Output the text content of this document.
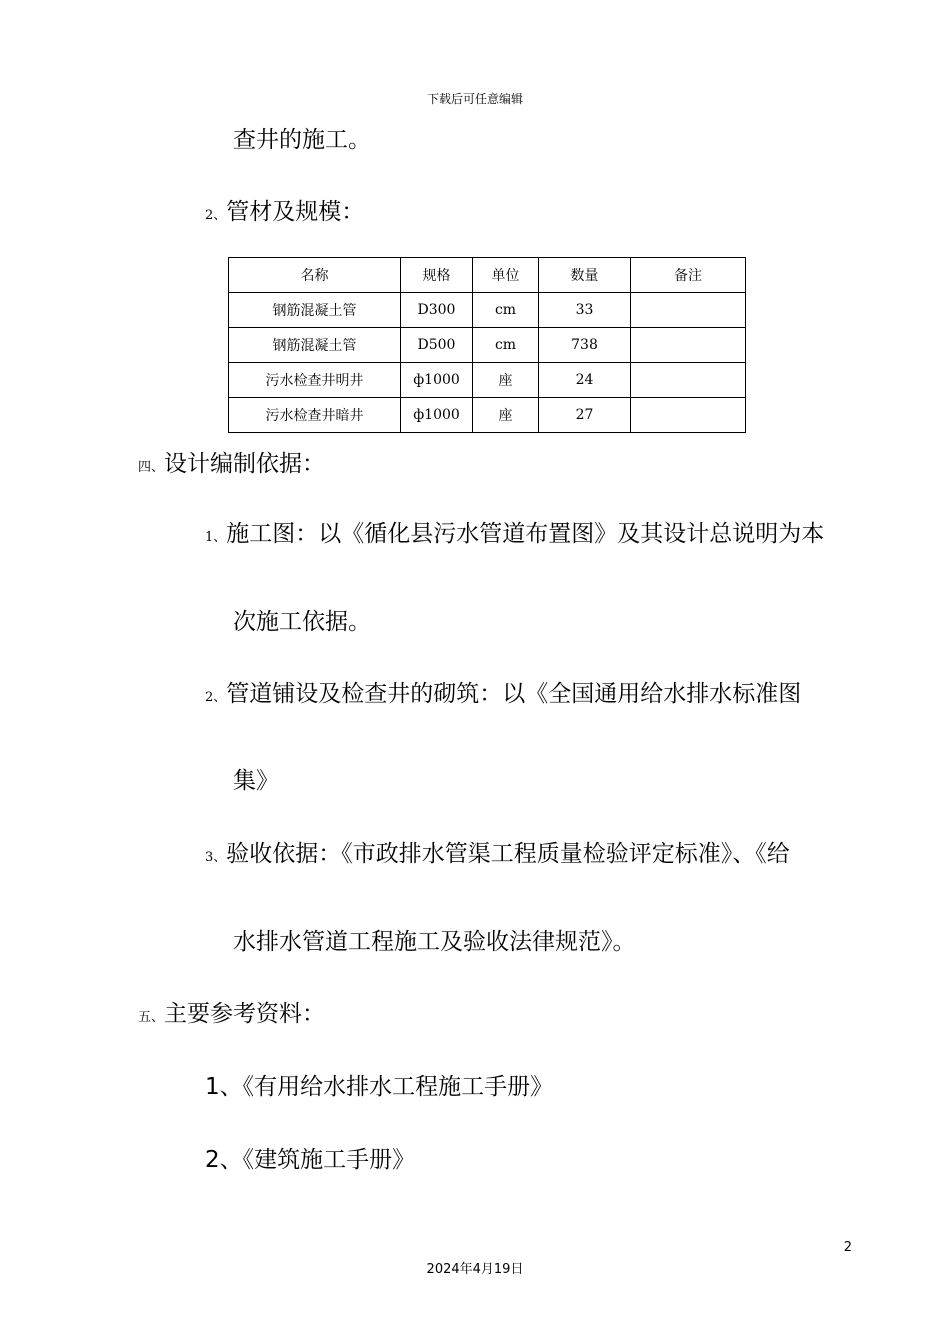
下载后可任意编辑
查井的施工。
2、管材及规模：
名称	规格	单位	数量	备注
钢筋混凝土管	D300	cm	33	
钢筋混凝土管	D500	cm	738	
污水检查井明井	ф1000	座	24	
污水检查井暗井	ф1000	座	27	
四、设计编制依据：
1、施工图：以《循化县污水管道布置图》及其设计总说明为本
次施工依据。
2、管道铺设及检查井的砌筑：以《全国通用给水排水标准图
集》
3、验收依据：《市政排水管渠工程质量检验评定标准》、《给
水排水管道工程施工及验收法律规范》。
五、主要参考资料：
1、《有用给水排水工程施工手册》
2、《建筑施工手册》
2
2024年4月19日
